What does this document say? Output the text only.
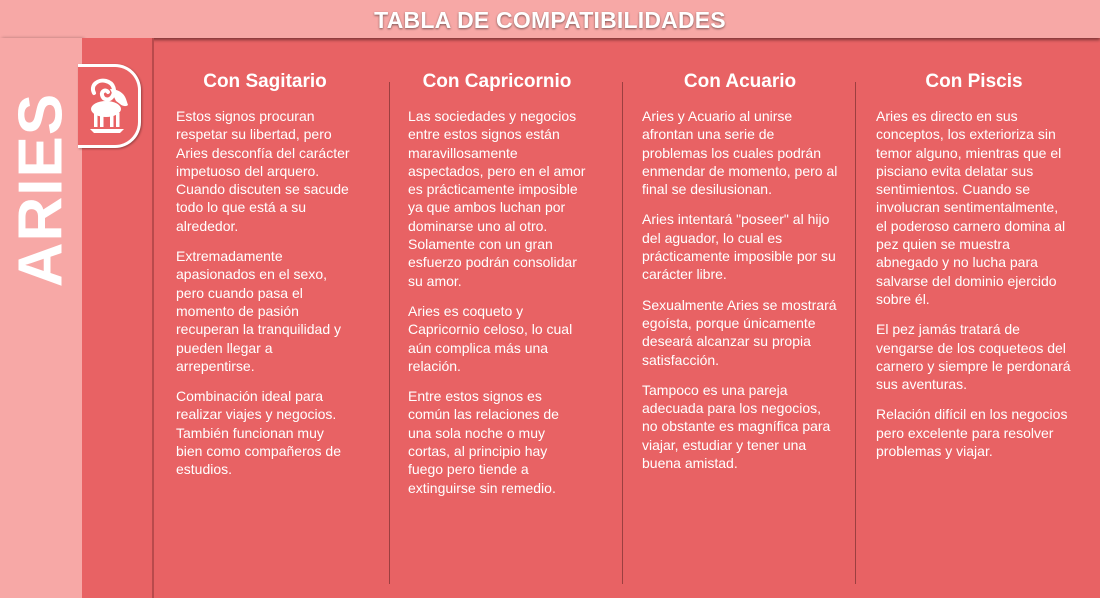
TABLA DE COMPATIBILIDADES
ARIES
Con Sagitario

Estos signos procuran respetar su libertad, pero Aries desconfía del carácter impetuoso del arquero. Cuando discuten se sacude todo lo que está a su alrededor.

Extremadamente apasionados en el sexo, pero cuando pasa el momento de pasión recuperan la tranquilidad y pueden llegar a arrepentirse.

Combinación ideal para realizar viajes y negocios. También funcionan muy bien como compañeros de estudios.

Con Capricornio

Las sociedades y negocios entre estos signos están maravillosamente aspectados, pero en el amor es prácticamente imposible ya que ambos luchan por dominarse uno al otro. Solamente con un gran esfuerzo podrán consolidar su amor.

Aries es coqueto y Capricornio celoso, lo cual aún complica más una relación.

Entre estos signos es común las relaciones de una sola noche o muy cortas, al principio hay fuego pero tiende a extinguirse sin remedio.

Con Acuario

Aries y Acuario al unirse afrontan una serie de problemas los cuales podrán enmendar de momento, pero al final se desilusionan.

Aries intentará "poseer" al hijo del aguador, lo cual es prácticamente imposible por su carácter libre.

Sexualmente Aries se mostrará egoísta, porque únicamente deseará alcanzar su propia satisfacción.

Tampoco es una pareja adecuada para los negocios, no obstante es magnífica para viajar, estudiar y tener una buena amistad.

Con Piscis

Aries es directo en sus conceptos, los exterioriza sin temor alguno, mientras que el pisciano evita delatar sus sentimientos. Cuando se involucran sentimentalmente, el poderoso carnero domina al pez quien se muestra abnegado y no lucha para salvarse del dominio ejercido sobre él.

El pez jamás tratará de vengarse de los coqueteos del carnero y siempre le perdonará sus aventuras.

Relación difícil en los negocios pero excelente para resolver problemas y viajar.
